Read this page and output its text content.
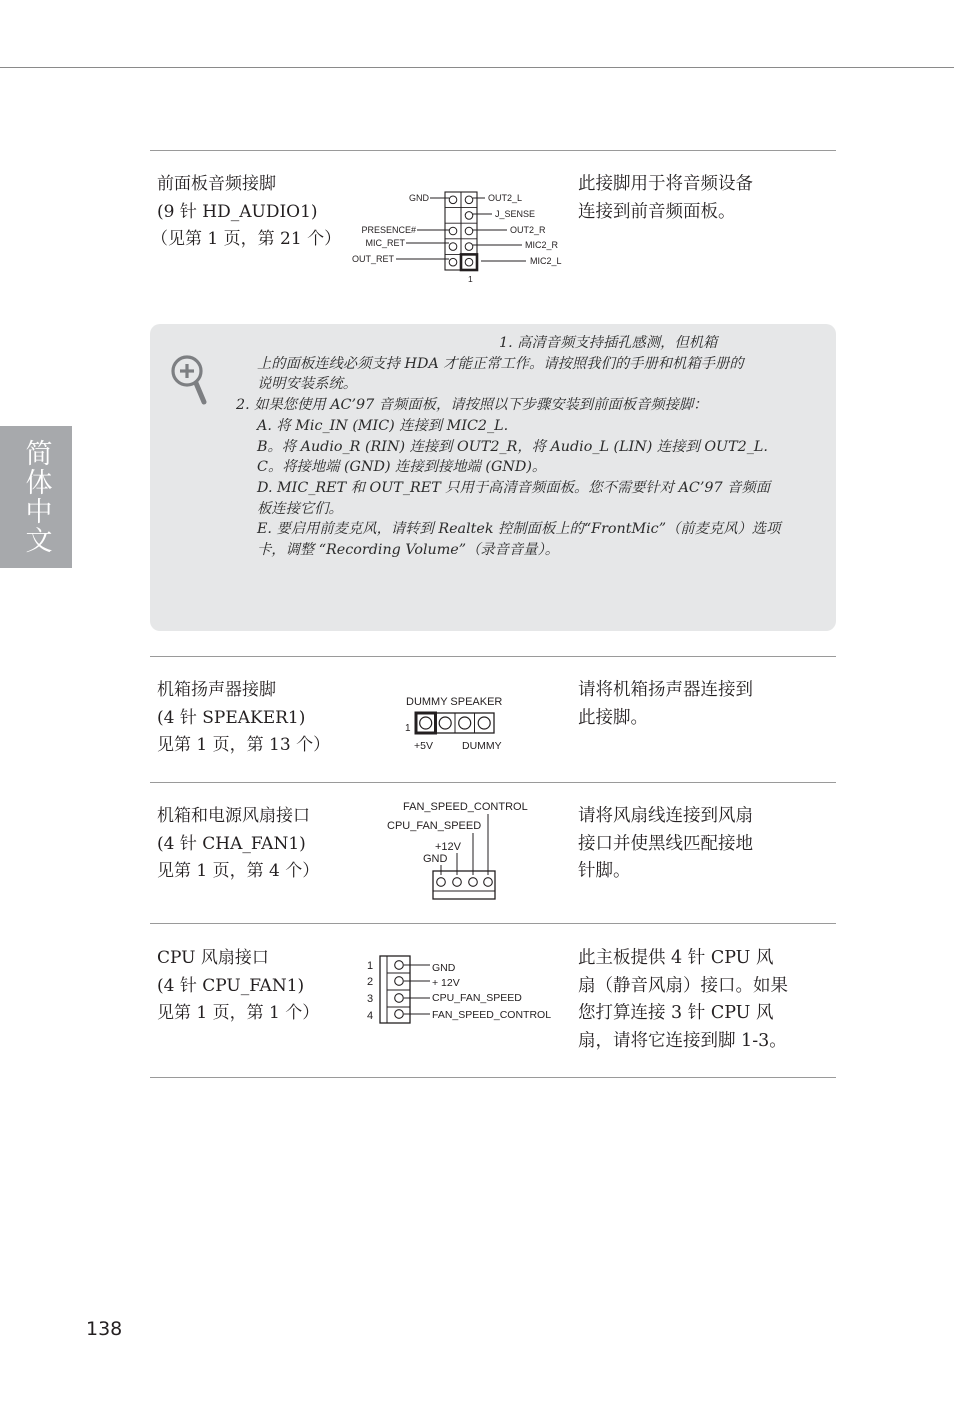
简体中文
前面板音频接脚
(9 针 HD_AUDIO1)
（见第 1 页，第 21 个）
GND
PRESENCE#
MIC_RET
OUT_RET
OUT2_L
J_SENSE
OUT2_R
MIC2_R
MIC2_L
1
此接脚用于将音频设备
连接到前音频面板。
1. 高清音频支持插孔感测，但机箱
上的面板连线必须支持 HDA 才能正常工作。请按照我们的手册和机箱手册的
说明安装系统。
2. 如果您使用 AC’97 音频面板，请按照以下步骤安装到前面板音频接脚：
A. 将 Mic_IN (MIC) 连接到 MIC2_L.
B。将 Audio_R (RIN) 连接到 OUT2_R，将 Audio_L (LIN) 连接到 OUT2_L.
C。将接地端 (GND) 连接到接地端 (GND)。
D. MIC_RET 和 OUT_RET 只用于高清音频面板。您不需要针对 AC’97 音频面
板连接它们。
E. 要启用前麦克风，请转到 Realtek 控制面板上的“FrontMic”（前麦克风）选项
卡，调整 “Recording Volume”（录音音量）。
机箱扬声器接脚
(4 针 SPEAKER1)
见第 1 页，第 13 个）
DUMMY SPEAKER
1
+5V	DUMMY
请将机箱扬声器连接到
此接脚。
机箱和电源风扇接口
(4 针 CHA_FAN1)
见第 1 页，第 4 个）
FAN_SPEED_CONTROL
CPU_FAN_SPEED
+12V
GND
请将风扇线连接到风扇
接口并使黑线匹配接地
针脚。
CPU 风扇接口
(4 针 CPU_FAN1)
见第 1 页，第 1 个）
1
2
3
4
GND
+ 12V
CPU_FAN_SPEED
FAN_SPEED_CONTROL
此主板提供 4 针 CPU 风
扇（静音风扇）接口。如果
您打算连接 3 针 CPU 风
扇，请将它连接到脚 1-3。
138
